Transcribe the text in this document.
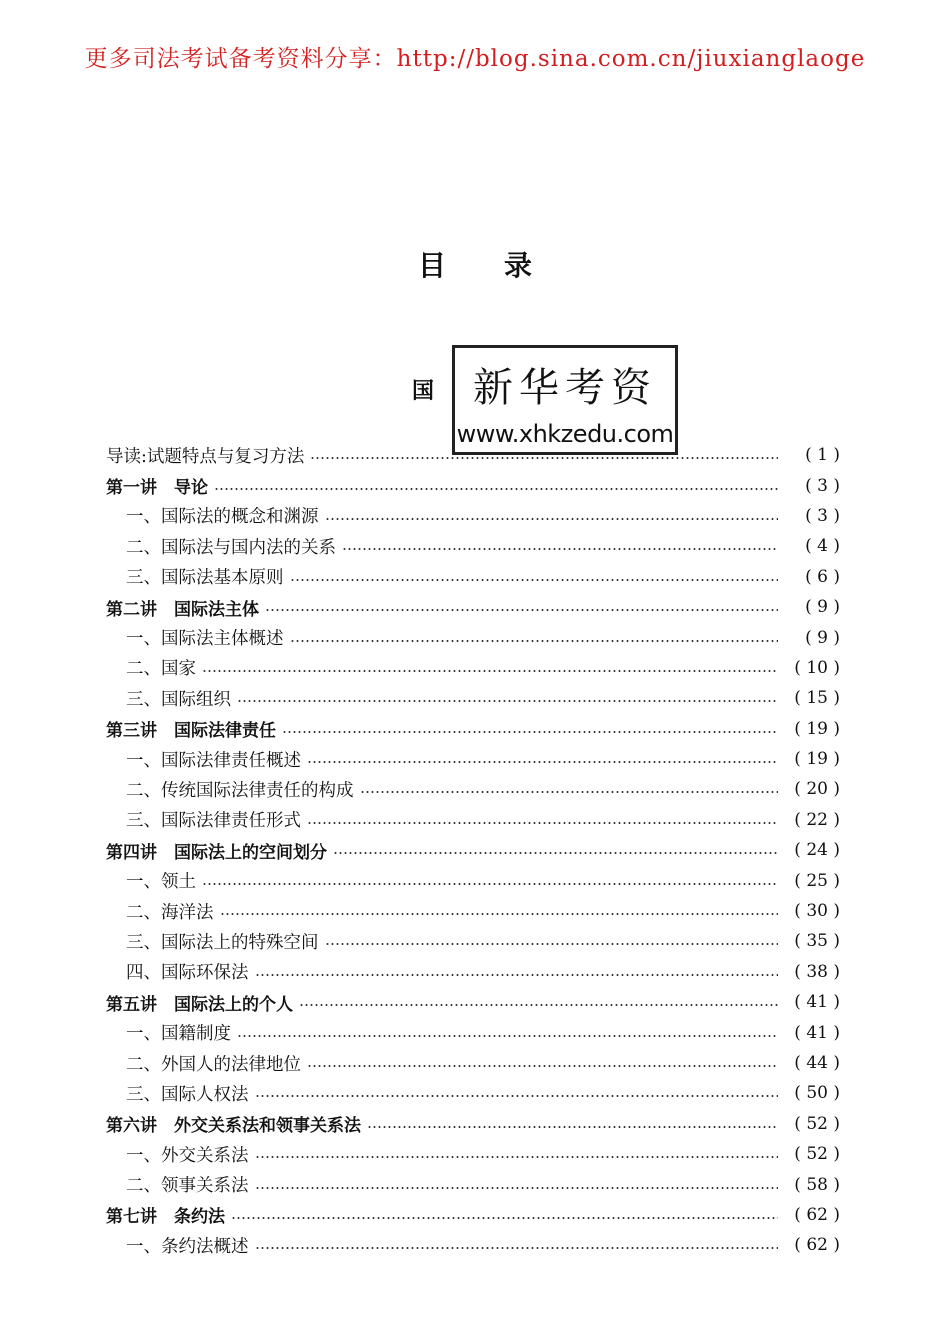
更多司法考试备考资料分享：http://blog.sina.com.cn/jiuxianglaoge
目录
国 新华考资
www.xhkzedu.com
导读:试题特点与复习方法	( 1 )
第一讲　导论	( 3 )
一、国际法的概念和渊源	( 3 )
二、国际法与国内法的关系	( 4 )
三、国际法基本原则	( 6 )
第二讲　国际法主体	( 9 )
一、国际法主体概述	( 9 )
二、国家	( 10 )
三、国际组织	( 15 )
第三讲　国际法律责任	( 19 )
一、国际法律责任概述	( 19 )
二、传统国际法律责任的构成	( 20 )
三、国际法律责任形式	( 22 )
第四讲　国际法上的空间划分	( 24 )
一、领土	( 25 )
二、海洋法	( 30 )
三、国际法上的特殊空间	( 35 )
四、国际环保法	( 38 )
第五讲　国际法上的个人	( 41 )
一、国籍制度	( 41 )
二、外国人的法律地位	( 44 )
三、国际人权法	( 50 )
第六讲　外交关系法和领事关系法	( 52 )
一、外交关系法	( 52 )
二、领事关系法	( 58 )
第七讲　条约法	( 62 )
一、条约法概述	( 62 )
